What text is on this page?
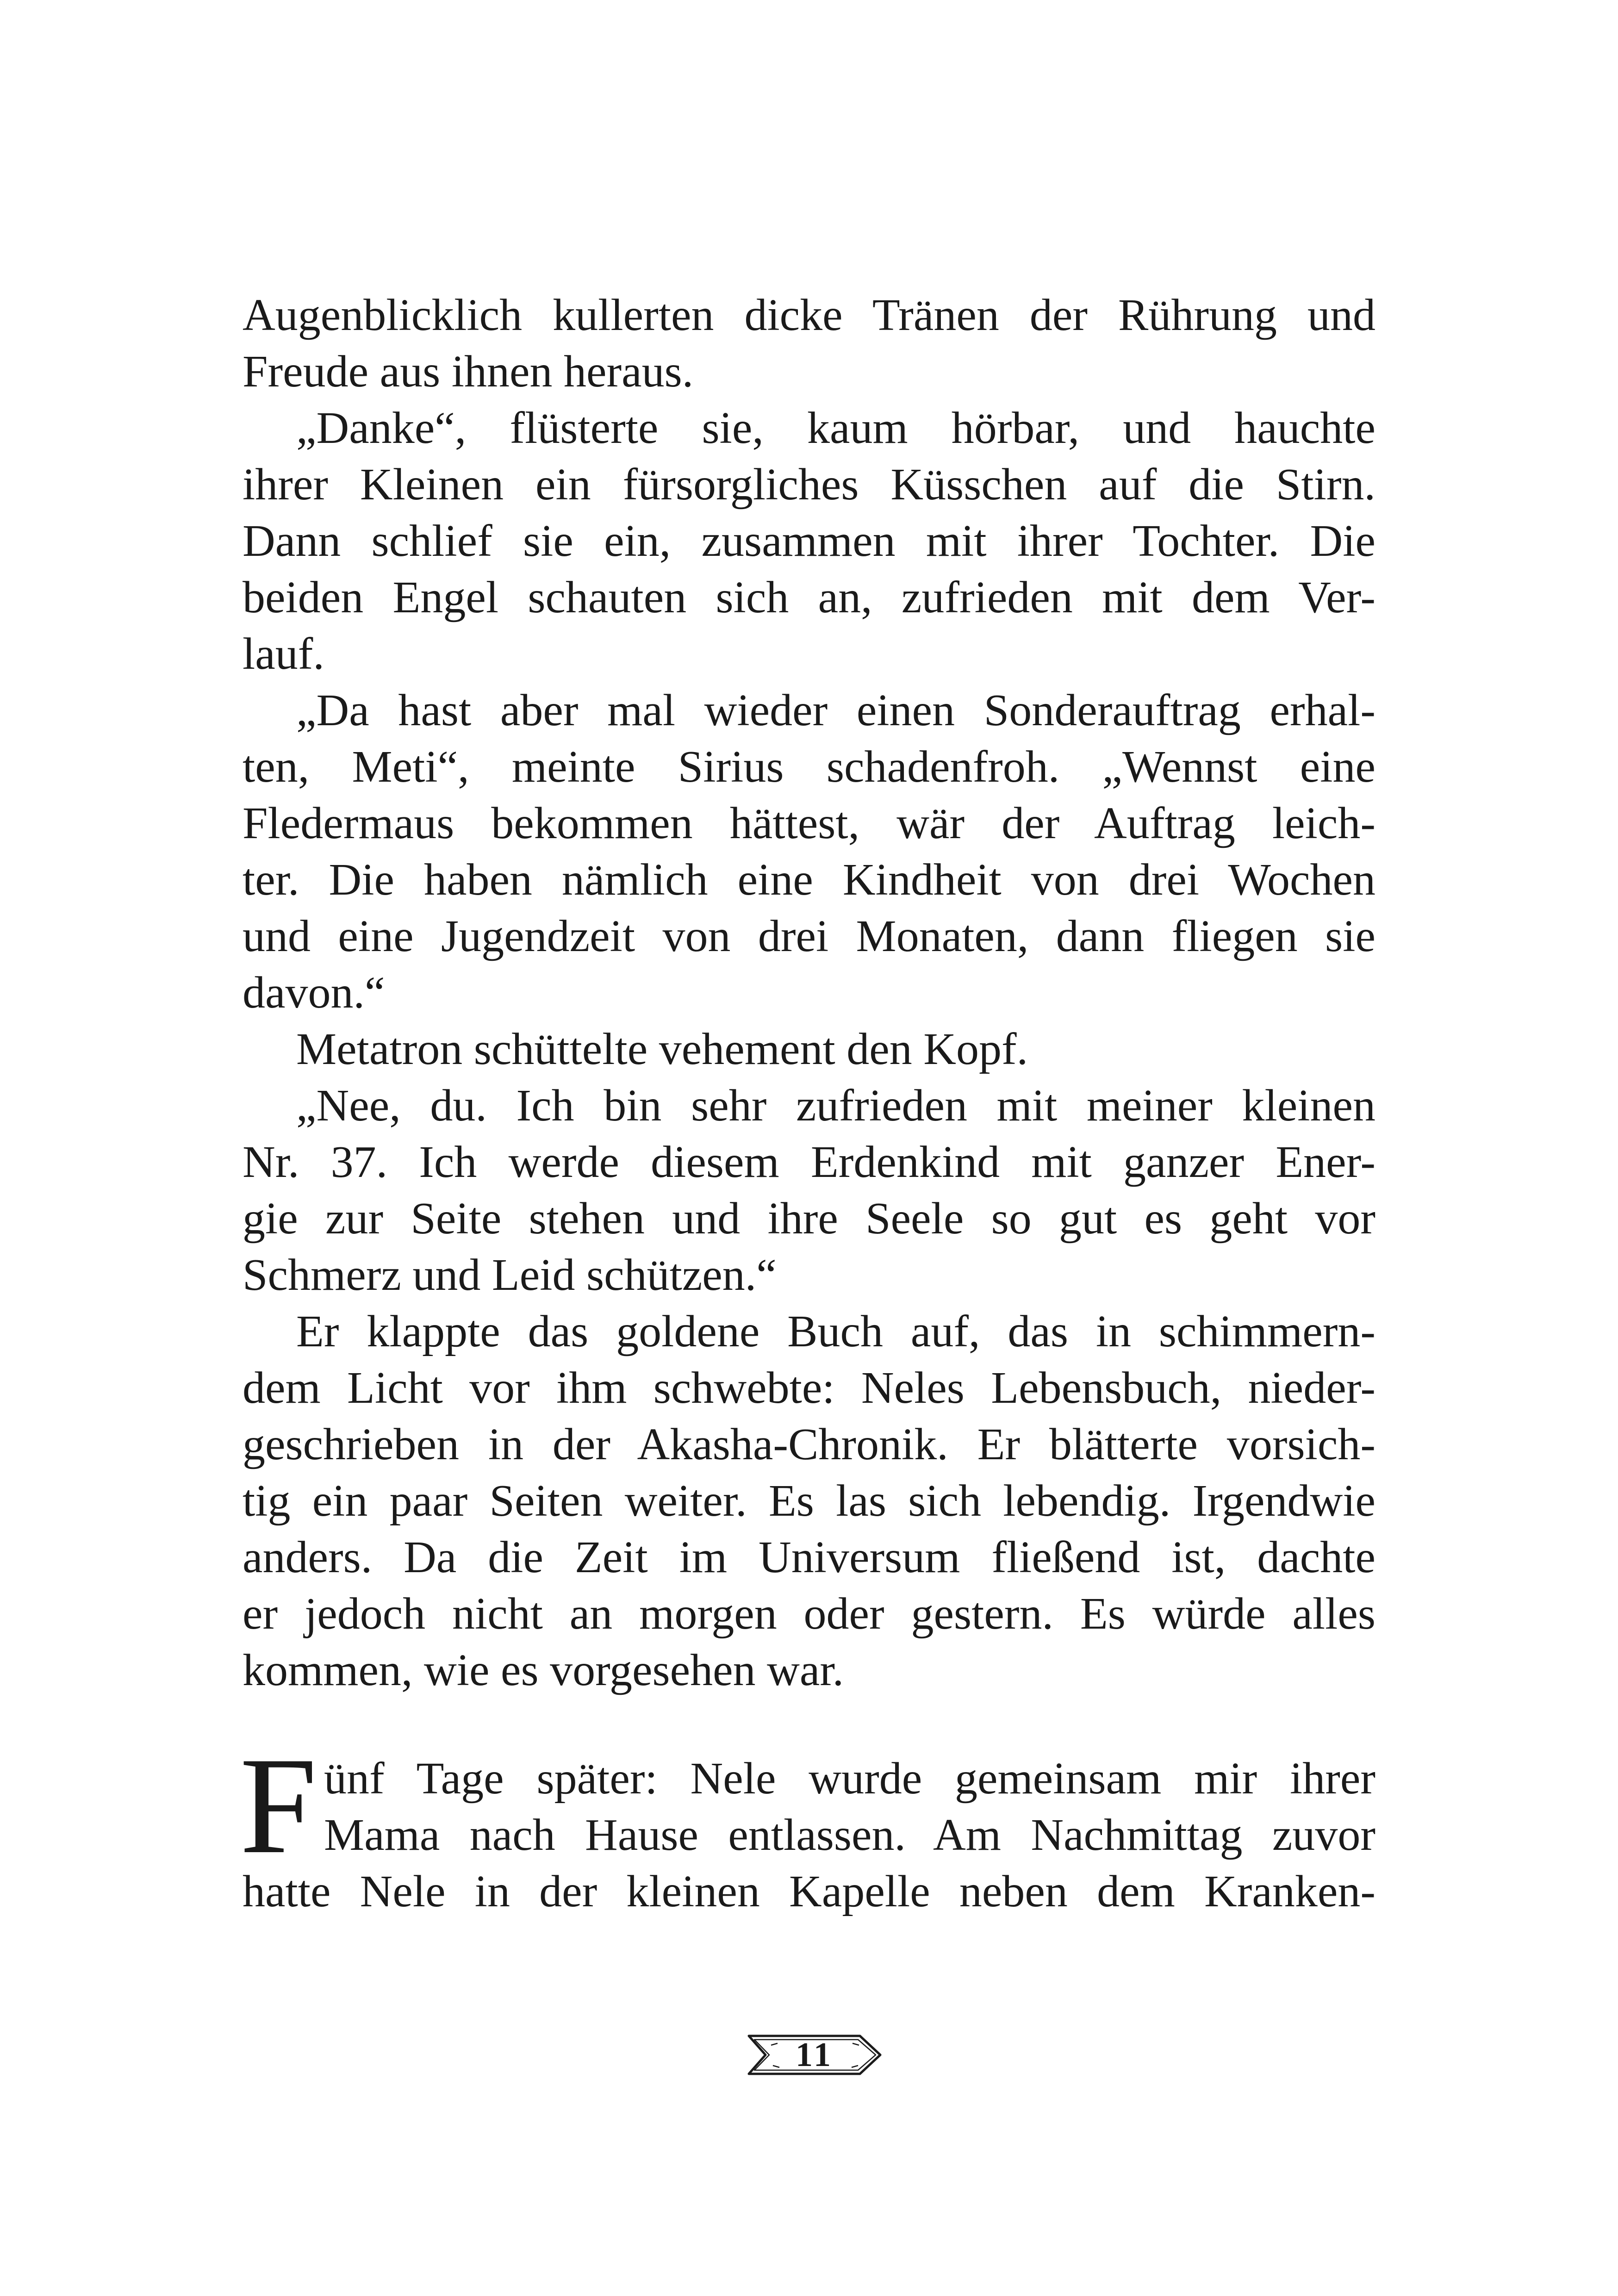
Augenblicklich kullerten dicke Tränen der Rührung und
Freude aus ihnen heraus.
„Danke“, flüsterte sie, kaum hörbar, und hauchte
ihrer Kleinen ein fürsorgliches Küsschen auf die Stirn.
Dann schlief sie ein, zusammen mit ihrer Tochter. Die
beiden Engel schauten sich an, zufrieden mit dem Ver-
lauf.
„Da hast aber mal wieder einen Sonderauftrag erhal-
ten, Meti“, meinte Sirius schadenfroh. „Wennst eine
Fledermaus bekommen hättest, wär der Auftrag leich-
ter. Die haben nämlich eine Kindheit von drei Wochen
und eine Jugendzeit von drei Monaten, dann fliegen sie
davon.“
Metatron schüttelte vehement den Kopf.
„Nee, du. Ich bin sehr zufrieden mit meiner kleinen
Nr. 37. Ich werde diesem Erdenkind mit ganzer Ener-
gie zur Seite stehen und ihre Seele so gut es geht vor
Schmerz und Leid schützen.“
Er klappte das goldene Buch auf, das in schimmern-
dem Licht vor ihm schwebte: Neles Lebensbuch, nieder-
geschrieben in der Akasha-Chronik. Er blätterte vorsich-
tig ein paar Seiten weiter. Es las sich lebendig. Irgendwie
anders. Da die Zeit im Universum fließend ist, dachte
er jedoch nicht an morgen oder gestern. Es würde alles
kommen, wie es vorgesehen war.
F ünf Tage später: Nele wurde gemeinsam mir ihrer
Mama nach Hause entlassen. Am Nachmittag zuvor
hatte Nele in der kleinen Kapelle neben dem Kranken-
11
